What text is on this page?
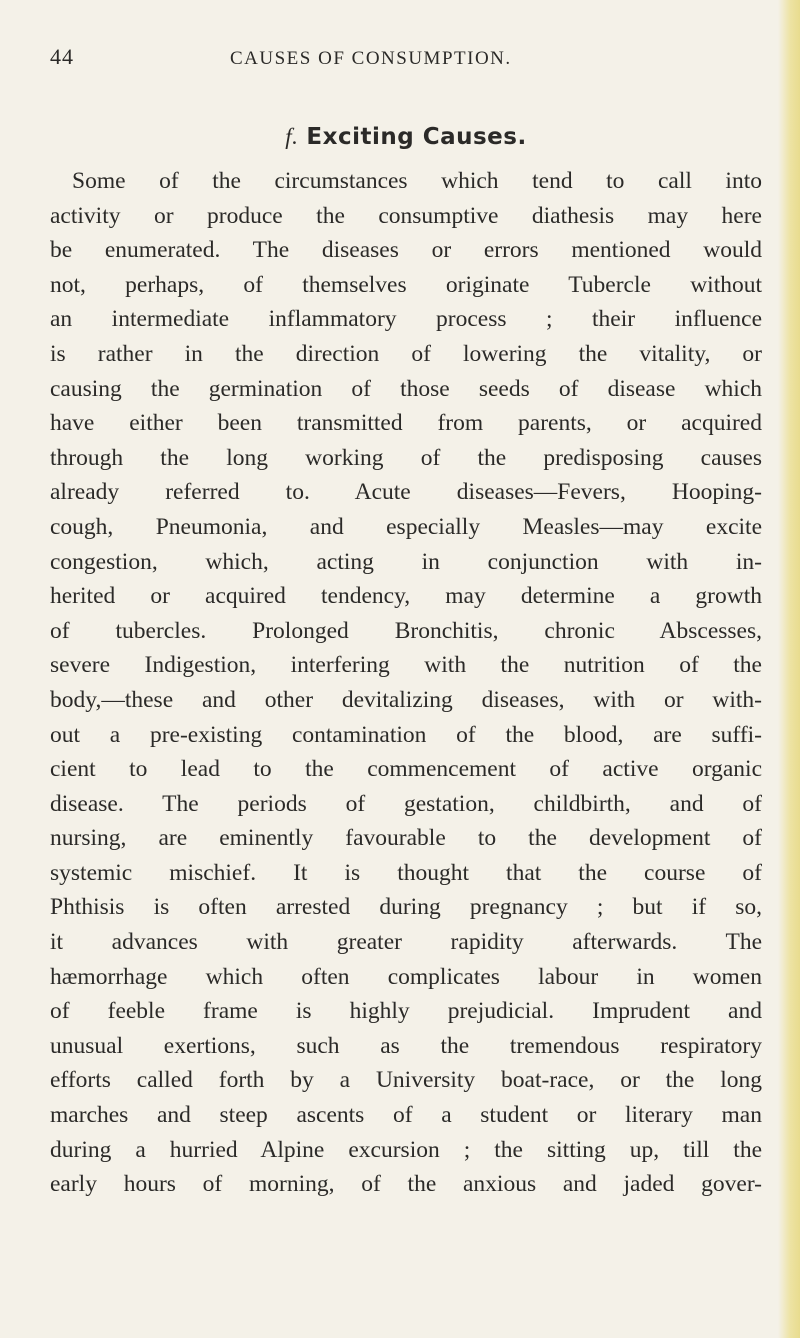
44	CAUSES OF CONSUMPTION.
f. Exciting Causes.
Some of the circumstances which tend to call into
activity or produce the consumptive diathesis may here
be enumerated. The diseases or errors mentioned would
not, perhaps, of themselves originate Tubercle without
an intermediate inflammatory process ; their influence
is rather in the direction of lowering the vitality, or
causing the germination of those seeds of disease which
have either been transmitted from parents, or acquired
through the long working of the predisposing causes
already referred to. Acute diseases—Fevers, Hooping-
cough, Pneumonia, and especially Measles—may excite
congestion, which, acting in conjunction with in-
herited or acquired tendency, may determine a growth
of tubercles. Prolonged Bronchitis, chronic Abscesses,
severe Indigestion, interfering with the nutrition of the
body,—these and other devitalizing diseases, with or with-
out a pre-existing contamination of the blood, are suffi-
cient to lead to the commencement of active organic
disease. The periods of gestation, childbirth, and of
nursing, are eminently favourable to the development of
systemic mischief. It is thought that the course of
Phthisis is often arrested during pregnancy ; but if so,
it advances with greater rapidity afterwards. The
hæmorrhage which often complicates labour in women
of feeble frame is highly prejudicial. Imprudent and
unusual exertions, such as the tremendous respiratory
efforts called forth by a University boat-race, or the long
marches and steep ascents of a student or literary man
during a hurried Alpine excursion ; the sitting up, till the
early hours of morning, of the anxious and jaded gover-
